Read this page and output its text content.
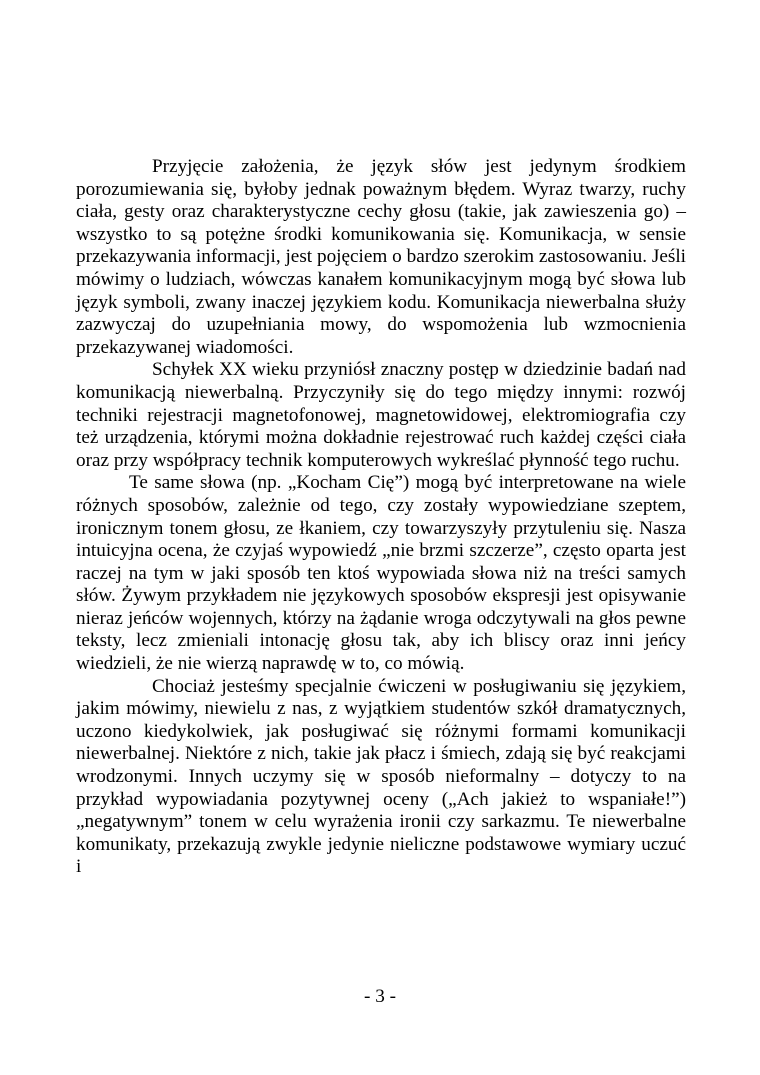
Przyjęcie założenia, że język słów jest jedynym środkiem porozumiewania się, byłoby jednak poważnym błędem. Wyraz twarzy, ruchy ciała, gesty oraz charakterystyczne cechy głosu (takie, jak zawieszenia go) – wszystko to są potężne środki komunikowania się. Komunikacja, w sensie przekazywania informacji, jest pojęciem o bardzo szerokim zastosowaniu. Jeśli mówimy o ludziach, wówczas kanałem komunikacyjnym mogą być słowa lub język symboli, zwany inaczej językiem kodu. Komunikacja niewerbalna służy zazwyczaj do uzupełniania mowy, do wspomożenia lub wzmocnienia przekazywanej wiadomości.

Schyłek XX wieku przyniósł znaczny postęp w dziedzinie badań nad komunikacją niewerbalną. Przyczyniły się do tego między innymi: rozwój techniki rejestracji magnetofonowej, magnetowidowej, elektromiografia czy też urządzenia, którymi można dokładnie rejestrować ruch każdej części ciała oraz przy współpracy technik komputerowych wykreślać płynność tego ruchu.

Te same słowa (np. „Kocham Cię”) mogą być interpretowane na wiele różnych sposobów, zależnie od tego, czy zostały wypowiedziane szeptem, ironicznym tonem głosu, ze łkaniem, czy towarzyszyły przytuleniu się. Nasza intuicyjna ocena, że czyjaś wypowiedź „nie brzmi szczerze”, często oparta jest raczej na tym w jaki sposób ten ktoś wypowiada słowa niż na treści samych słów. Żywym przykładem nie językowych sposobów ekspresji jest opisywanie nieraz jeńców wojennych, którzy na żądanie wroga odczytywali na głos pewne teksty, lecz zmieniali intonację głosu tak, aby ich bliscy oraz inni jeńcy wiedzieli, że nie wierzą naprawdę w to, co mówią.

Chociaż jesteśmy specjalnie ćwiczeni w posługiwaniu się językiem, jakim mówimy, niewielu z nas, z wyjątkiem studentów szkół dramatycznych, uczono kiedykolwiek, jak posługiwać się różnymi formami komunikacji niewerbalnej. Niektóre z nich, takie jak płacz i śmiech, zdają się być reakcjami wrodzonymi. Innych uczymy się w sposób nieformalny – dotyczy to na przykład wypowiadania pozytywnej oceny („Ach jakież to wspaniałe!”) „negatywnym” tonem w celu wyrażenia ironii czy sarkazmu. Te niewerbalne komunikaty, przekazują zwykle jedynie nieliczne podstawowe wymiary uczuć i

- 3 -
